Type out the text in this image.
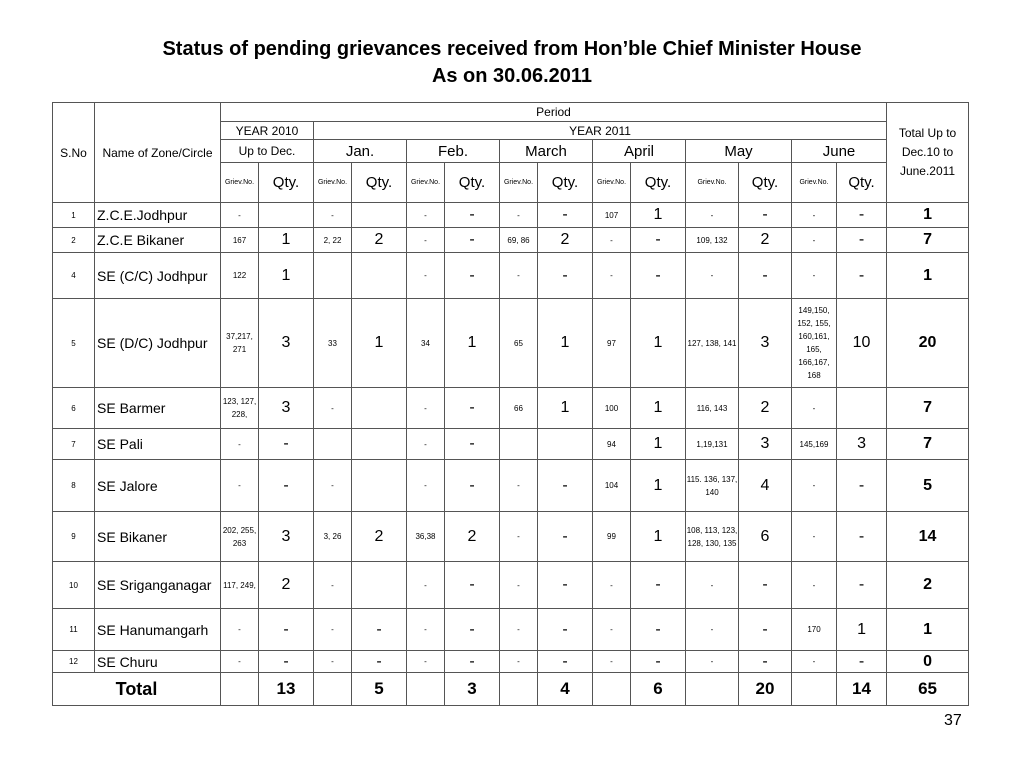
Status of pending grievances received from Hon’ble Chief Minister House
As on 30.06.2011
S.No	Name of Zone/Circle	Period														Total Up to Dec.10 to June.2011
		YEAR 2010		YEAR 2011												
		Up to Dec.		Jan.		Feb.		March		April		May		June		
		Griev.No.	Qty.	Griev.No.	Qty.	Griev.No.	Qty.	Griev.No.	Qty.	Griev.No.	Qty.	Griev.No.	Qty.	Griev.No.	Qty.	
1	Z.C.E.Jodhpur	-		-		-	-	-	-	107	1	-	-	-	-	1
2	Z.C.E Bikaner	167	1	2, 22	2	-	-	69, 86	2	-	-	109, 132	2	-	-	7
4	SE (C/C) Jodhpur	122	1			-	-	-	-	-	-	-	-	-	-	1
5	SE (D/C) Jodhpur	37,217, 271	3	33	1	34	1	65	1	97	1	127, 138, 141	3	149,150, 152, 155, 160,161, 165, 166,167, 168	10	20
6	SE Barmer	123, 127, 228,	3	-		-	-	66	1	100	1	116, 143	2	-		7
7	SE Pali	-	-			-	-			94	1	1,19,131	3	145,169	3	7
8	SE Jalore	-	-	-		-	-	-	-	104	1	115. 136, 137, 140	4	-	-	5
9	SE Bikaner	202, 255, 263	3	3, 26	2	36,38	2	-	-	99	1	108, 113, 123, 128, 130, 135	6	-	-	14
10	SE Sriganganagar	117, 249,	2	-		-	-	-	-	-	-	-	-	-	-	2
11	SE Hanumangarh	-	-	-	-	-	-	-	-	-	-	-	-	170	1	1
12	SE Churu	-	-	-	-	-	-	-	-	-	-	-	-	-	-	0
Total			13		5		3		4		6		20		14	65
37
